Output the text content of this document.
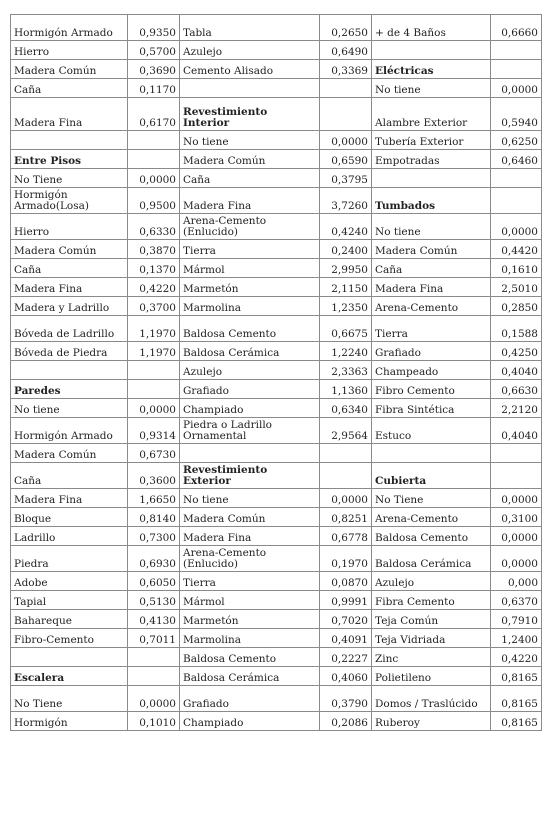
Hormigón Armado	0,9350	Tabla	0,2650	+ de 4 Baños	0,6660
Hierro	0,5700	Azulejo	0,6490		
Madera Común	0,3690	Cemento Alisado	0,3369	Eléctricas	
Caña	0,1170			No tiene	0,0000
Madera Fina	0,6170	Revestimiento Interior		Alambre Exterior	0,5940
		No tiene	0,0000	Tubería Exterior	0,6250
Entre Pisos		Madera Común	0,6590	Empotradas	0,6460
No Tiene	0,0000	Caña	0,3795		
Hormigón Armado(Losa)	0,9500	Madera Fina	3,7260	Tumbados	
Hierro	0,6330	Arena-Cemento (Enlucido)	0,4240	No tiene	0,0000
Madera Común	0,3870	Tierra	0,2400	Madera Común	0,4420
Caña	0,1370	Mármol	2,9950	Caña	0,1610
Madera Fina	0,4220	Marmetón	2,1150	Madera Fina	2,5010
Madera y Ladrillo	0,3700	Marmolina	1,2350	Arena-Cemento	0,2850
Bóveda de Ladrillo	1,1970	Baldosa Cemento	0,6675	Tierra	0,1588
Bóveda de Piedra	1,1970	Baldosa Cerámica	1,2240	Grafiado	0,4250
		Azulejo	2,3363	Champeado	0,4040
Paredes		Grafiado	1,1360	Fibro Cemento	0,6630
No tiene	0,0000	Champiado	0,6340	Fibra Sintética	2,2120
Hormigón Armado	0,9314	Piedra o Ladrillo Ornamental	2,9564	Estuco	0,4040
Madera Común	0,6730				
Caña	0,3600	Revestimiento Exterior		Cubierta	
Madera Fina	1,6650	No tiene	0,0000	No Tiene	0,0000
Bloque	0,8140	Madera Común	0,8251	Arena-Cemento	0,3100
Ladrillo	0,7300	Madera Fina	0,6778	Baldosa Cemento	0,0000
Piedra	0,6930	Arena-Cemento (Enlucido)	0,1970	Baldosa Cerámica	0,0000
Adobe	0,6050	Tierra	0,0870	Azulejo	0,000
Tapial	0,5130	Mármol	0,9991	Fibra Cemento	0,6370
Bahareque	0,4130	Marmetón	0,7020	Teja Común	0,7910
Fibro-Cemento	0,7011	Marmolina	0,4091	Teja Vidriada	1,2400
		Baldosa Cemento	0,2227	Zinc	0,4220
Escalera		Baldosa Cerámica	0,4060	Polietileno	0,8165
No Tiene	0,0000	Grafiado	0,3790	Domos / Traslúcido	0,8165
Hormigón	0,1010	Champiado	0,2086	Ruberoy	0,8165
